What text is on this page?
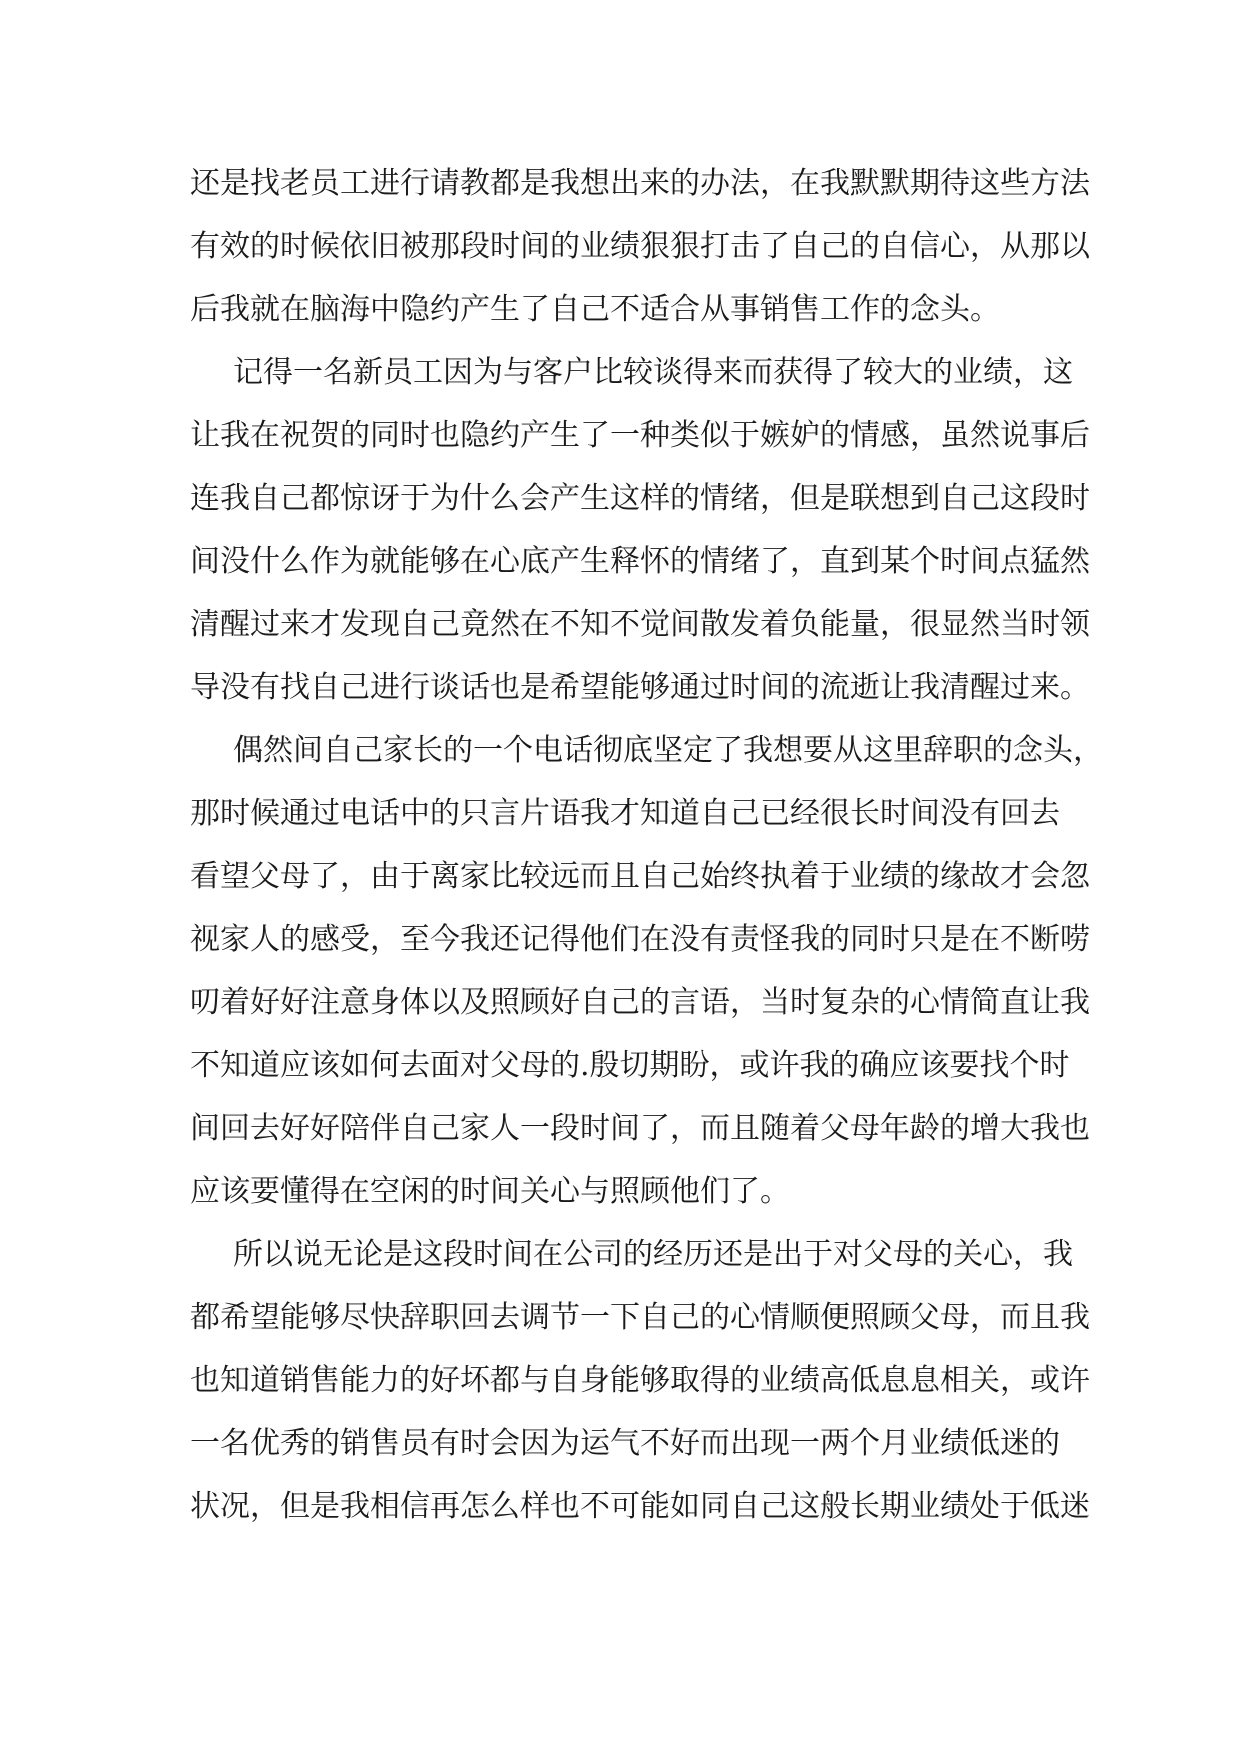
还是找老员工进行请教都是我想出来的办法，在我默默期待这些方法
有效的时候依旧被那段时间的业绩狠狠打击了自己的自信心，从那以
后我就在脑海中隐约产生了自己不适合从事销售工作的念头。
记得一名新员工因为与客户比较谈得来而获得了较大的业绩，这
让我在祝贺的同时也隐约产生了一种类似于嫉妒的情感，虽然说事后
连我自己都惊讶于为什么会产生这样的情绪，但是联想到自己这段时
间没什么作为就能够在心底产生释怀的情绪了，直到某个时间点猛然
清醒过来才发现自己竟然在不知不觉间散发着负能量，很显然当时领
导没有找自己进行谈话也是希望能够通过时间的流逝让我清醒过来。
偶然间自己家长的一个电话彻底坚定了我想要从这里辞职的念头，
那时候通过电话中的只言片语我才知道自己已经很长时间没有回去
看望父母了，由于离家比较远而且自己始终执着于业绩的缘故才会忽
视家人的感受，至今我还记得他们在没有责怪我的同时只是在不断唠
叨着好好注意身体以及照顾好自己的言语，当时复杂的心情简直让我
不知道应该如何去面对父母的.殷切期盼，或许我的确应该要找个时
间回去好好陪伴自己家人一段时间了，而且随着父母年龄的增大我也
应该要懂得在空闲的时间关心与照顾他们了。
所以说无论是这段时间在公司的经历还是出于对父母的关心，我
都希望能够尽快辞职回去调节一下自己的心情顺便照顾父母，而且我
也知道销售能力的好坏都与自身能够取得的业绩高低息息相关，或许
一名优秀的销售员有时会因为运气不好而出现一两个月业绩低迷的
状况，但是我相信再怎么样也不可能如同自己这般长期业绩处于低迷
